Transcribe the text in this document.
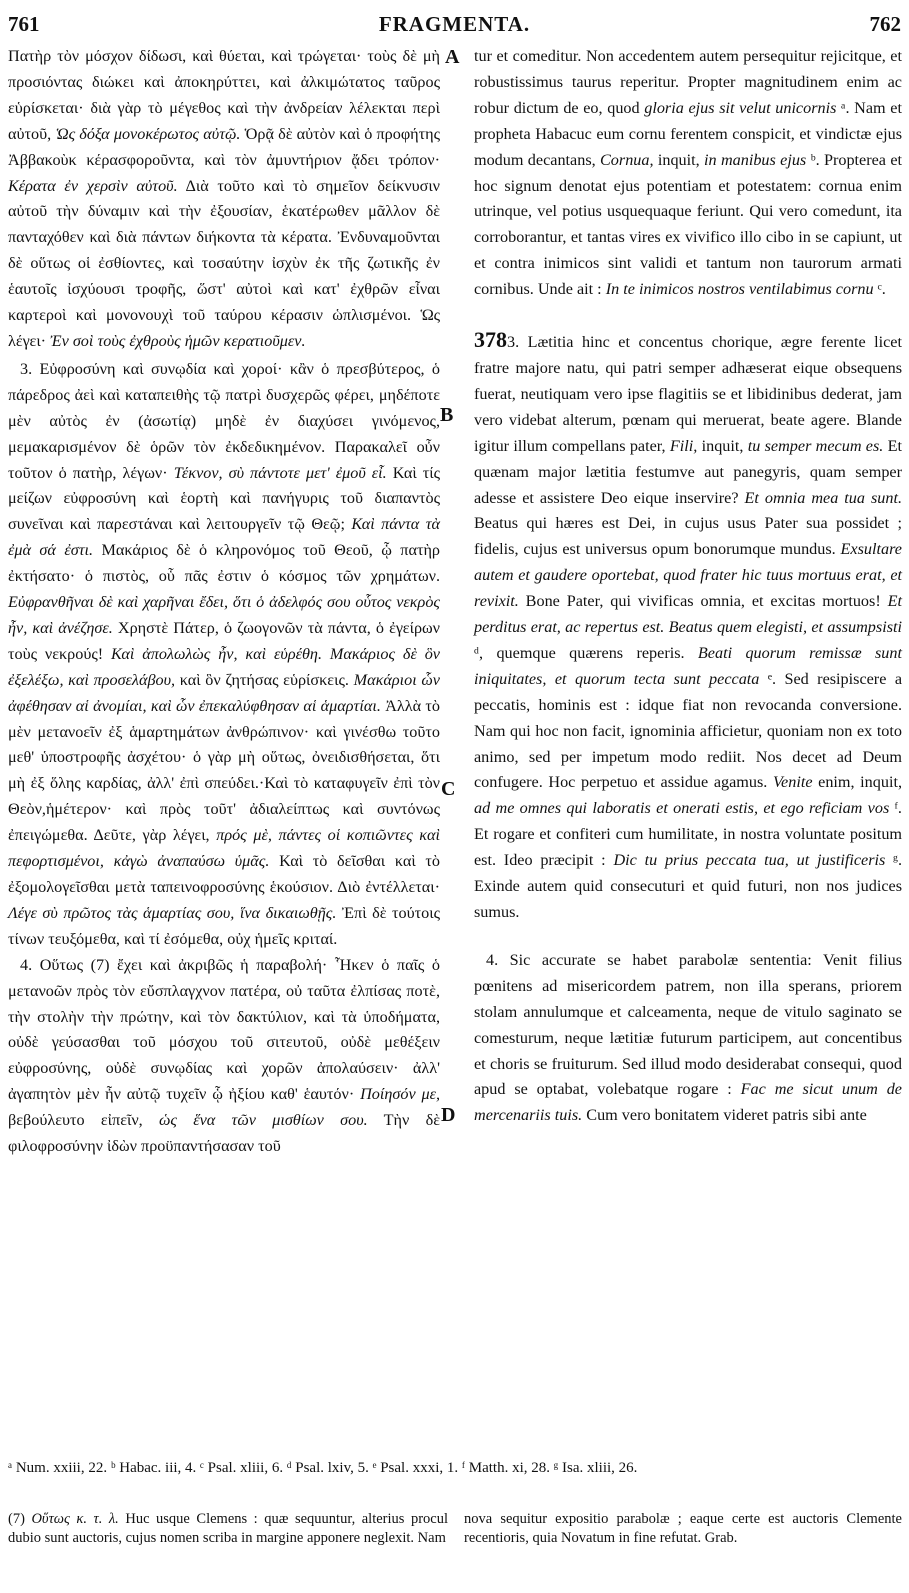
761	FRAGMENTA.	762
A
B
C
D

Πατὴρ τὸν μόσχον δίδωσι, καὶ θύεται, καὶ τρώγεται· τοὺς δὲ μὴ προσιόντας διώκει καὶ ἀποκηρύττει, καὶ ἀλκιμώτατος ταῦρος εὑρίσκεται· διὰ γὰρ τὸ μέγεθος καὶ τὴν ἀνδρείαν λέλεκται περὶ αὐτοῦ, Ὡς δόξα μονοκέρωτος αὐτῷ. Ὁρᾷ δὲ αὐτὸν καὶ ὁ προφήτης Ἀββακοὺκ κέρασφοροῦντα, καὶ τὸν ἀμυντήριον ᾄδει τρόπον· Κέρατα ἐν χερσὶν αὐτοῦ. Διὰ τοῦτο καὶ τὸ σημεῖον δείκνυσιν αὐτοῦ τὴν δύναμιν καὶ τὴν ἐξουσίαν, ἑκατέρωθεν μᾶλλον δὲ πανταχόθεν καὶ διὰ πάντων διήκοντα τὰ κέρατα. Ἐνδυναμοῦνται δὲ οὕτως οἱ ἐσθίοντες, καὶ τοσαύτην ἰσχὺν ἐκ τῆς ζωτικῆς ἐν ἑαυτοῖς ἰσχύουσι τροφῆς, ὥστ' αὐτοὶ καὶ κατ' ἐχθρῶν εἶναι καρτεροὶ καὶ μονονουχὶ τοῦ ταύρου κέρασιν ὡπλισμένοι. Ὡς λέγει· Ἐν σοὶ τοὺς ἐχθροὺς ἡμῶν κερατιοῦμεν.

3. Εὐφροσύνη καὶ συνῳδία καὶ χοροί· κἂν ὁ πρεσβύτερος, ὁ πάρεδρος ἀεὶ καὶ καταπειθὴς τῷ πατρὶ δυσχερῶς φέρει, μηδέποτε μὲν αὐτὸς ἐν (ἀσωτίᾳ) μηδὲ ἐν διαχύσει γινόμενος, μεμακαρισμένον δὲ ὁρῶν τὸν ἐκδεδικημένον. Παρακαλεῖ οὖν τοῦτον ὁ πατὴρ, λέγων· Τέκνον, σὺ πάντοτε μετ' ἐμοῦ εἶ. Καὶ τίς μείζων εὐφροσύνη καὶ ἑορτὴ καὶ πανήγυρις τοῦ διαπαντὸς συνεῖναι καὶ παρεστάναι καὶ λειτουργεῖν τῷ Θεῷ; Καὶ πάντα τὰ ἐμὰ σά ἐστι. Μακάριος δὲ ὁ κληρονόμος τοῦ Θεοῦ, ᾧ πατὴρ ἐκτήσατο· ὁ πιστὸς, οὗ πᾶς ἐστιν ὁ κόσμος τῶν χρημάτων. Εὐφρανθῆναι δὲ καὶ χαρῆναι ἔδει, ὅτι ὁ ἀδελφός σου οὗτος νεκρὸς ἦν, καὶ ἀνέζησε. Χρηστὲ Πάτερ, ὁ ζωογονῶν τὰ πάντα, ὁ ἐγείρων τοὺς νεκρούς! Καὶ ἀπολωλὼς ἦν, καὶ εὑρέθη. Μακάριος δὲ ὃν ἐξελέξω, καὶ προσελάβου, καὶ ὃν ζητήσας εὑρίσκεις. Μακάριοι ὧν ἀφέθησαν αἱ ἀνομίαι, καὶ ὧν ἐπεκαλύφθησαν αἱ ἁμαρτίαι. Ἀλλὰ τὸ μὲν μετανοεῖν ἐξ ἁμαρτημάτων ἀνθρώπινον· καὶ γινέσθω τοῦτο μεθ' ὑποστροφῆς ἀσχέτου· ὁ γὰρ μὴ οὕτως, ὀνειδισθήσεται, ὅτι μὴ ἐξ ὅλης καρδίας, ἀλλ' ἐπὶ σπεύδει.·Καὶ τὸ καταφυγεῖν ἐπὶ τὸν Θεὸν,ἡμέτερον· καὶ πρὸς τοῦτ' ἀδιαλείπτως καὶ συντόνως ἐπειγώμεθα. Δεῦτε, γὰρ λέγει, πρός μὲ, πάντες οἱ κοπιῶντες καὶ πεφορτισμένοι, κἀγὼ ἀναπαύσω ὑμᾶς. Καὶ τὸ δεῖσθαι καὶ τὸ ἐξομολογεῖσθαι μετὰ ταπεινοφροσύνης ἑκούσιον. Διὸ ἐντέλλεται· Λέγε σὺ πρῶτος τὰς ἁμαρτίας σου, ἵνα δικαιωθῇς. Ἐπὶ δὲ τούτοις τίνων τευξόμεθα, καὶ τί ἐσόμεθα, οὐχ ἡμεῖς κριταί.

4. Οὕτως (7) ἔχει καὶ ἀκριβῶς ἡ παραβολή· Ἧκεν ὁ παῖς ὁ μετανοῶν πρὸς τὸν εὔσπλαγχνον πατέρα, οὐ ταῦτα ἐλπίσας ποτὲ, τὴν στολὴν τὴν πρώτην, καὶ τὸν δακτύλιον, καὶ τὰ ὑποδήματα, οὐδὲ γεύσασθαι τοῦ μόσχου τοῦ σιτευτοῦ, οὐδὲ μεθέξειν εὐφροσύνης, οὐδὲ συνῳδίας καὶ χορῶν ἀπολαύσειν· ἀλλ' ἀγαπητὸν μὲν ἦν αὐτῷ τυχεῖν ᾧ ἠξίου καθ' ἑαυτόν· Ποίησόν με, βεβούλευτο εἰπεῖν, ὡς ἕνα τῶν μισθίων σου. Τὴν δὲ φιλοφροσύνην ἰδὼν προϋπαντήσασαν τοῦ

tur et comeditur. Non accedentem autem persequitur rejicitque, et robustissimus taurus reperitur. Propter magnitudinem enim ac robur dictum de eo, quod gloria ejus sit velut unicornis ᵃ. Nam et propheta Habacuc eum cornu ferentem conspicit, et vindictæ ejus modum decantans, Cornua, inquit, in manibus ejus ᵇ. Propterea et hoc signum denotat ejus potentiam et potestatem: cornua enim utrinque, vel potius usquequaque feriunt. Qui vero comedunt, ita corroborantur, et tantas vires ex vivifico illo cibo in se capiunt, ut et contra inimicos sint validi et tantum non taurorum armati cornibus. Unde ait : In te inimicos nostros ventilabimus cornu ᶜ.

3783. Lætitia hinc et concentus chorique, ægre ferente licet fratre majore natu, qui patri semper adhæserat eique obsequens fuerat, neutiquam vero ipse flagitiis se et libidinibus dederat, jam vero videbat alterum, pœnam qui meruerat, beate agere. Blande igitur illum compellans pater, Fili, inquit, tu semper mecum es. Et quænam major lætitia festumve aut panegyris, quam semper adesse et assistere Deo eique inservire? Et omnia mea tua sunt. Beatus qui hæres est Dei, in cujus usus Pater sua possidet ; fidelis, cujus est universus opum bonorumque mundus. Exsultare autem et gaudere oportebat, quod frater hic tuus mortuus erat, et revixit. Bone Pater, qui vivificas omnia, et excitas mortuos! Et perditus erat, ac repertus est. Beatus quem elegisti, et assumpsisti ᵈ, quemque quærens reperis. Beati quorum remissæ sunt iniquitates, et quorum tecta sunt peccata ᵉ. Sed resipiscere a peccatis, hominis est : idque fiat non revocanda conversione. Nam qui hoc non facit, ignominia afficietur, quoniam non ex toto animo, sed per impetum modo rediit. Nos decet ad Deum confugere. Hoc perpetuo et assidue agamus. Venite enim, inquit, ad me omnes qui laboratis et onerati estis, et ego reficiam vos ᶠ. Et rogare et confiteri cum humilitate, in nostra voluntate positum est. Ideo præcipit : Dic tu prius peccata tua, ut justificeris ᵍ. Exinde autem quid consecuturi et quid futuri, non nos judices sumus.

4. Sic accurate se habet parabolæ sententia: Venit filius pœnitens ad misericordem patrem, non illa sperans, priorem stolam annulumque et calceamenta, neque de vitulo saginato se comesturum, neque lætitiæ futurum participem, aut concentibus et choris se fruiturum. Sed illud modo desiderabat consequi, quod apud se optabat, volebatque rogare : Fac me sicut unum de mercenariis tuis. Cum vero bonitatem videret patris sibi ante

ᵃ Num. xxiii, 22. ᵇ Habac. iii, 4. ᶜ Psal. xliii, 6. ᵈ Psal. lxiv, 5. ᵉ Psal. xxxi, 1. ᶠ Matth. xi, 28. ᵍ Isa. xliii, 26.
(7) Οὕτως κ. τ. λ. Huc usque Clemens : quæ sequuntur, alterius procul dubio sunt auctoris, cujus nomen scriba in margine apponere neglexit. Nam
nova sequitur expositio parabolæ ; eaque certe est auctoris Clemente recentioris, quia Novatum in fine refutat. Grab.
